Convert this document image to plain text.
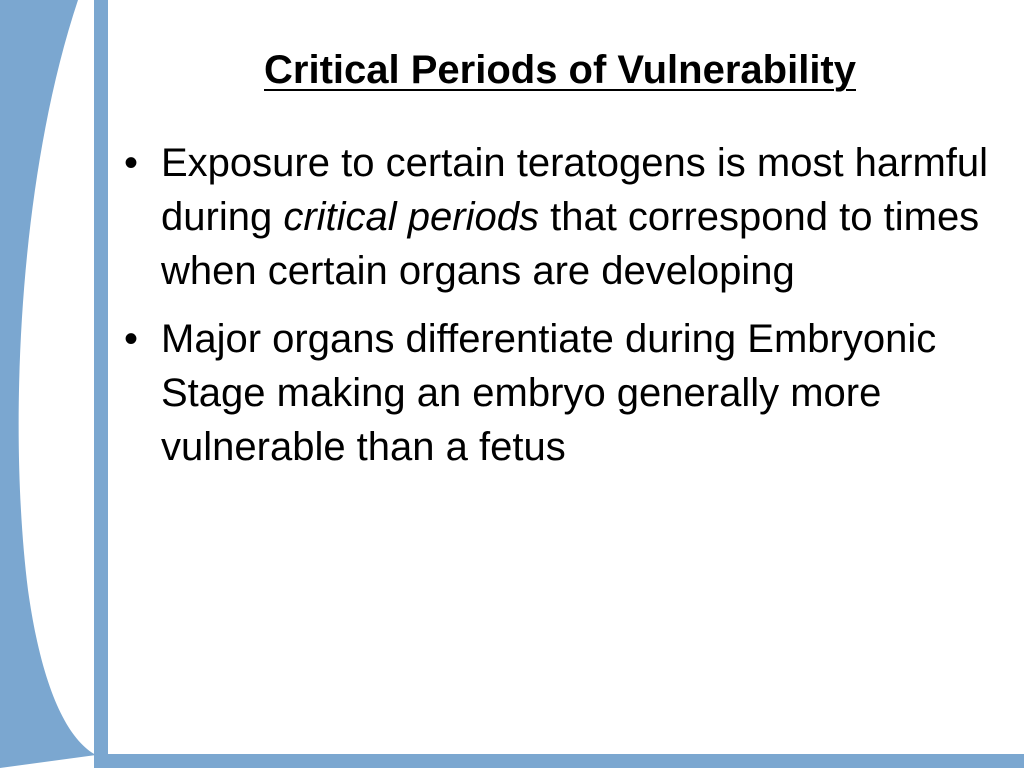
Critical Periods of Vulnerability
• Exposure to certain teratogens is most harmful during critical periods that correspond to times when certain organs are developing
• Major organs differentiate during Embryonic Stage making an embryo generally more vulnerable than a fetus
